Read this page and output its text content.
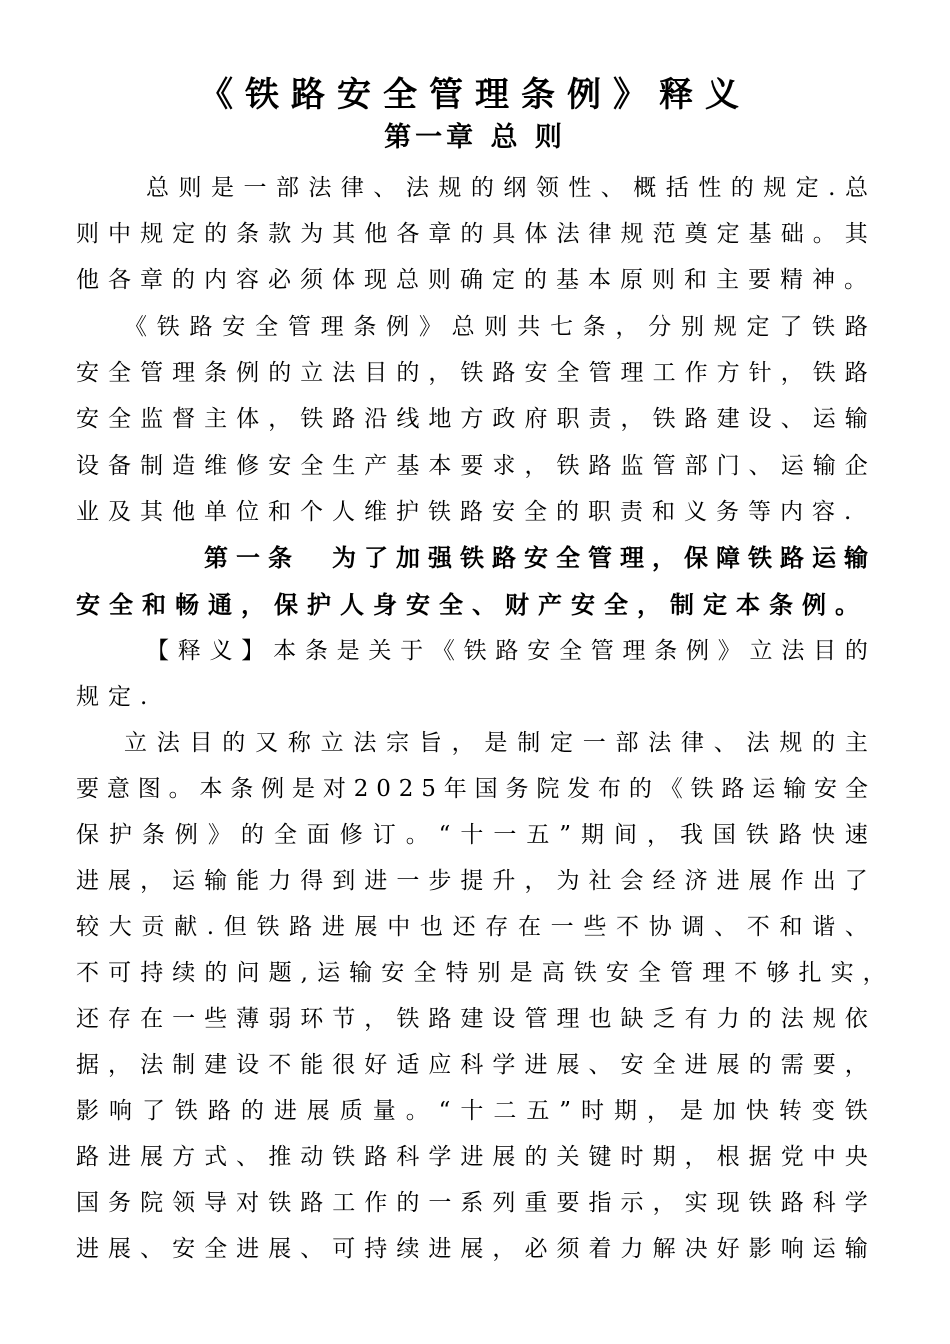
《铁路安全管理条例》释义
第一章 总 则
总 则 是 一 部 法 律 、 法 规 的 纲 领 性 、 概 括 性 的 规 定 . 总
则 中 规 定 的 条 款 为 其 他 各 章 的 具 体 法 律 规 范 奠 定 基 础 。 其
他各章的内容必须体现总则确定的基本原则和主要精神。
《 铁 路 安 全 管 理 条 例 》 总 则 共 七 条 ， 分 别 规 定 了 铁 路
安 全 管 理 条 例 的 立 法 目 的 ， 铁 路 安 全 管 理 工 作 方 针 ， 铁 路
安 全 监 督 主 体 ， 铁 路 沿 线 地 方 政 府 职 责 ， 铁 路 建 设 、 运 输
设 备 制 造 维 修 安 全 生 产 基 本 要 求 ， 铁 路 监 管 部 门 、 运 输 企
业及其他单位和个人维护铁路安全的职责和义务等内容.
第 一 条
　 为 了 加 强 铁 路 安 全 管 理 ， 保 障 铁 路 运 输
安全和畅通，保护人身安全、财产安全，制定本条例。
【 释 义 】 本 条 是 关 于 《 铁 路 安 全 管 理 条 例 》 立 法 目 的
规定.
立 法 目 的 又 称 立 法 宗 旨 ， 是 制 定 一 部 法 律 、 法 规 的 主
要 意 图 。 本 条 例 是 对 2 0 2 5 年 国 务 院 发 布 的 《 铁 路 运 输 安 全
保 护 条 例 》 的 全 面 修 订 。 “ 十 一 五 ” 期 间 ， 我 国 铁 路 快 速
进 展 ， 运 输 能 力 得 到 进 一 步 提 升 ， 为 社 会 经 济 进 展 作 出 了
较 大 贡 献 . 但 铁 路 进 展 中 也 还 存 在 一 些 不 协 调 、 不 和 谐 、
不 可 持 续 的 问 题 , 运 输 安 全 特 别 是 高 铁 安 全 管 理 不 够 扎 实 ，
还 存 在 一 些 薄 弱 环 节 ， 铁 路 建 设 管 理 也 缺 乏 有 力 的 法 规 依
据 ， 法 制 建 设 不 能 很 好 适 应 科 学 进 展 、 安 全 进 展 的 需 要 ，
影 响 了 铁 路 的 进 展 质 量 。 “ 十 二 五 ” 时 期 ， 是 加 快 转 变 铁
路 进 展 方 式 、 推 动 铁 路 科 学 进 展 的 关 键 时 期 ， 根 据 党 中 央
国 务 院 领 导 对 铁 路 工 作 的 一 系 列 重 要 指 示 ， 实 现 铁 路 科 学
进 展 、 安 全 进 展 、 可 持 续 进 展 ， 必 须 着 力 解 决 好 影 响 运 输
